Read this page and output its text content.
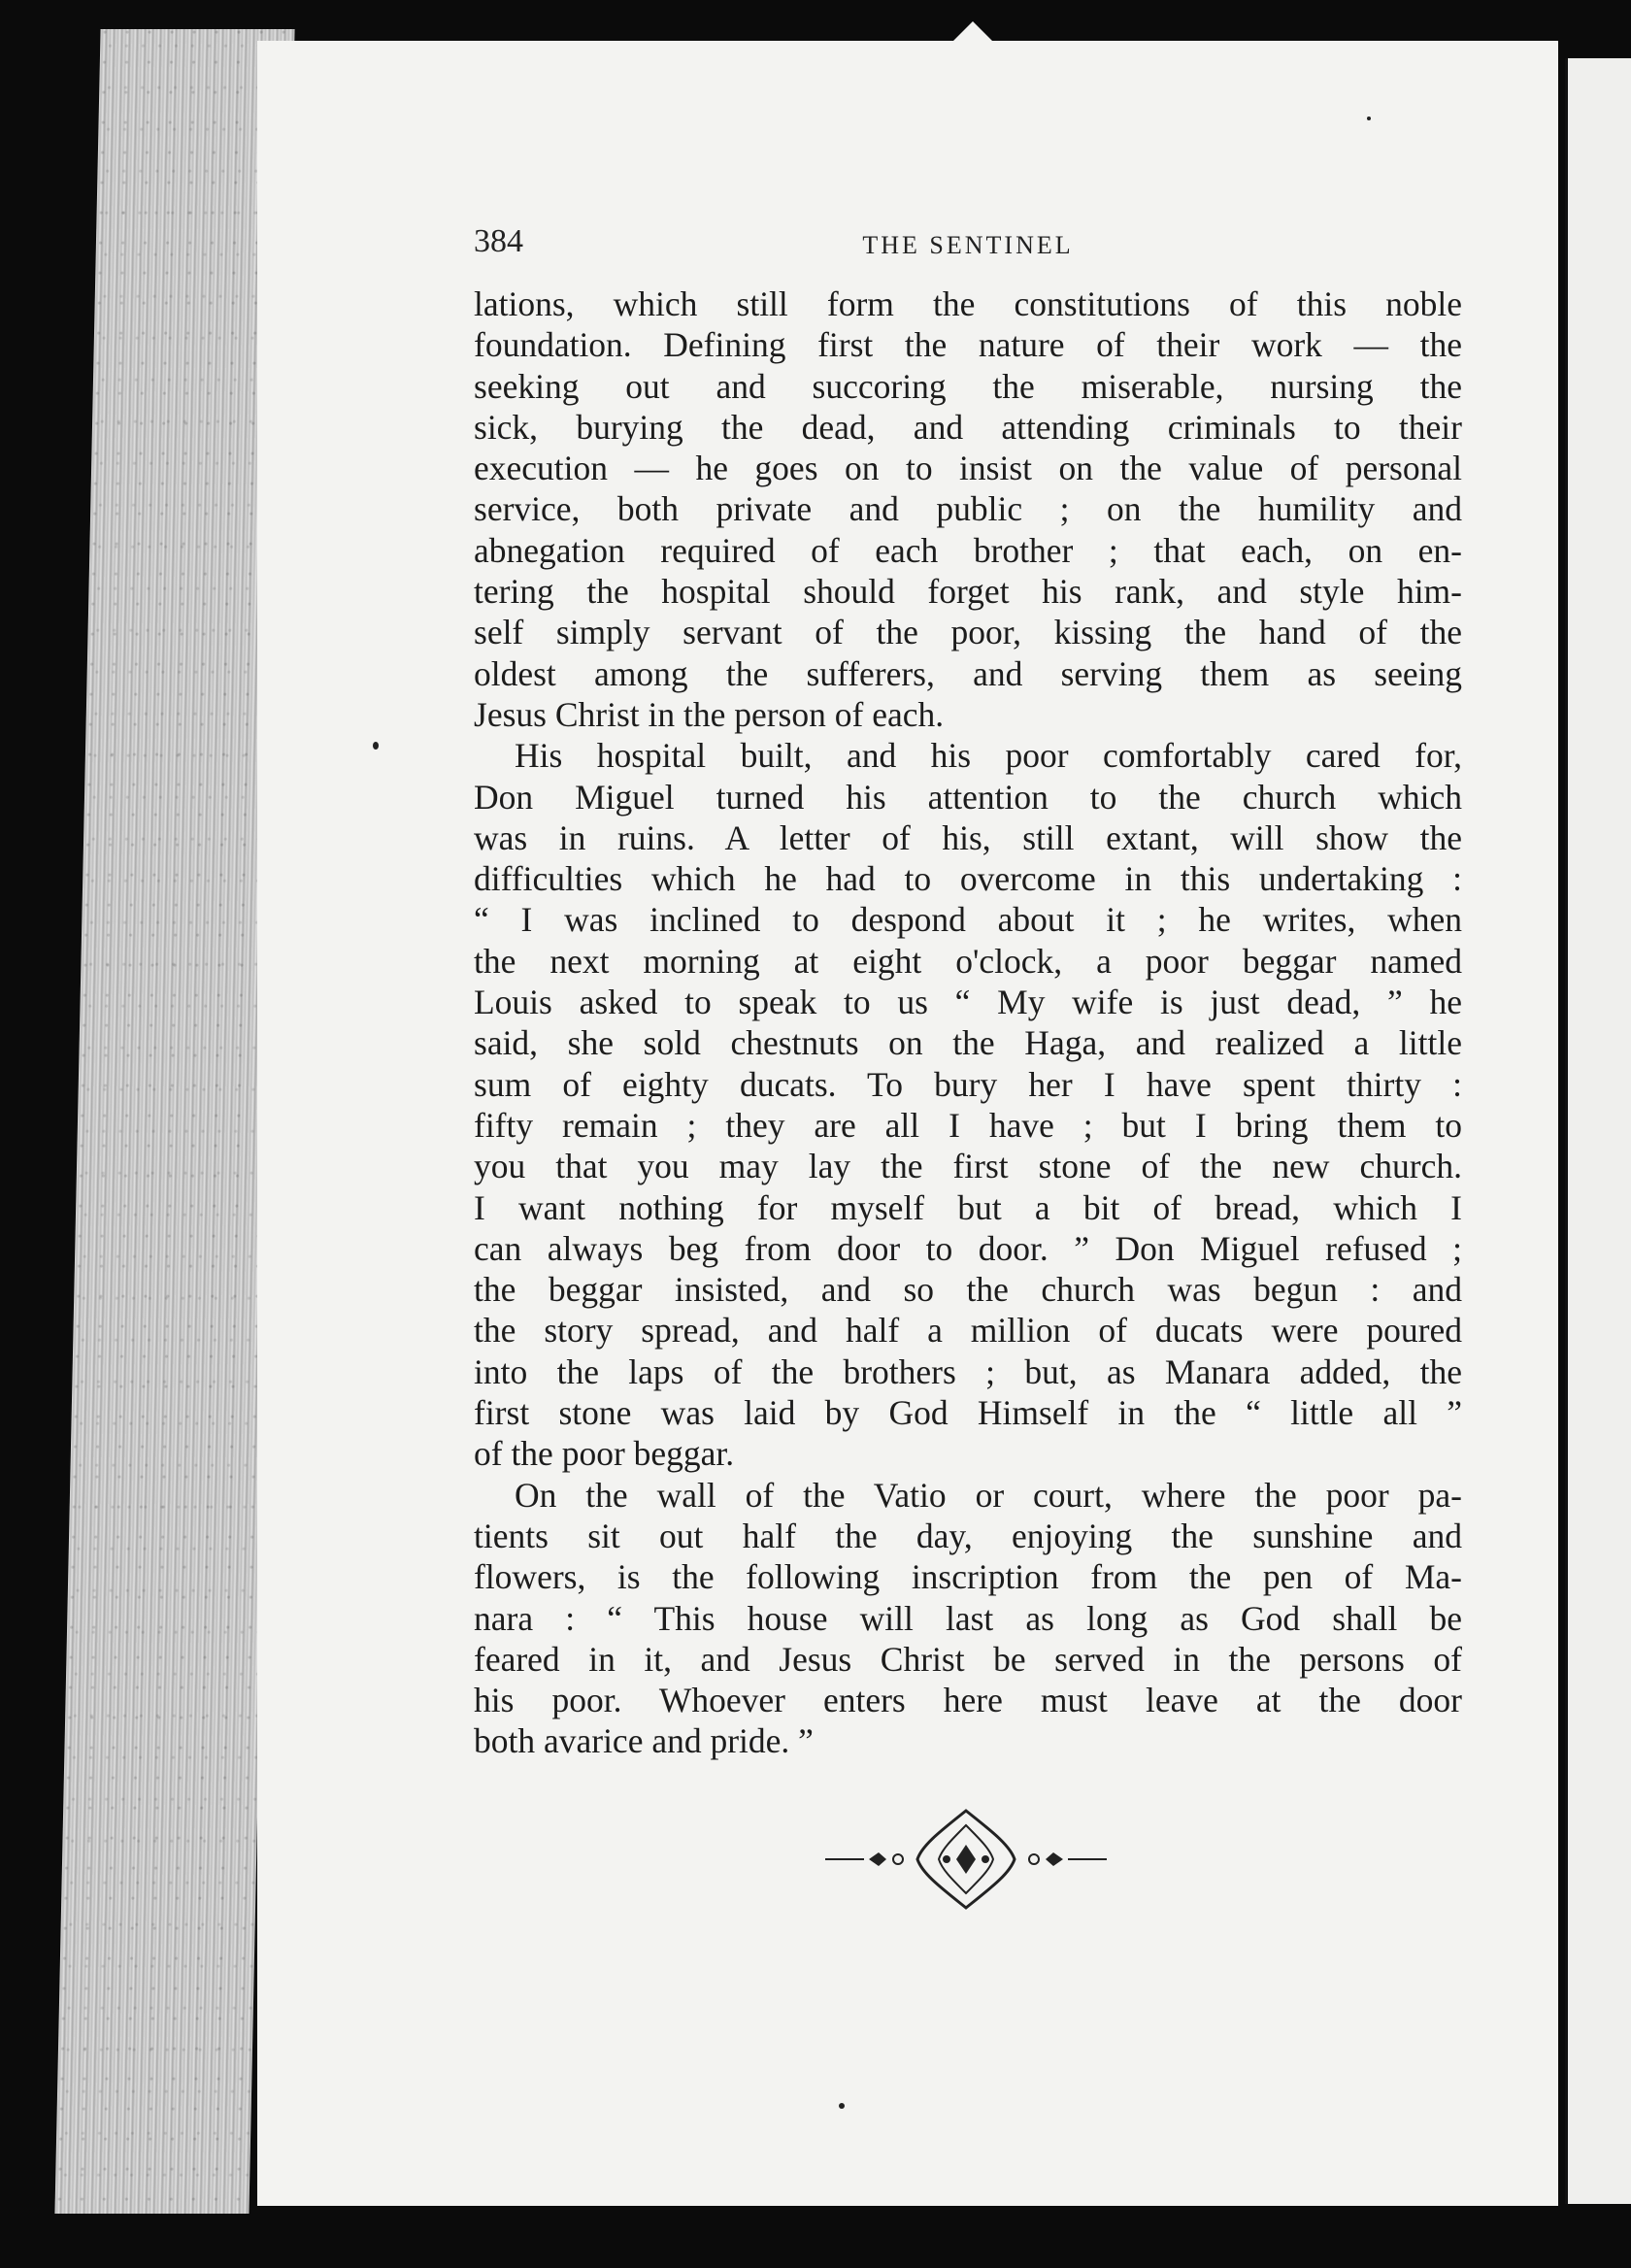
384	THE SENTINEL
lations, which still form the constitutions of this noble
foundation. Defining first the nature of their work — the
seeking out and succoring the miserable, nursing the
sick, burying the dead, and attending criminals to their
execution — he goes on to insist on the value of personal
service, both private and public ; on the humility and
abnegation required of each brother ; that each, on en-
tering the hospital should forget his rank, and style him-
self simply servant of the poor, kissing the hand of the
oldest among the sufferers, and serving them as seeing
Jesus Christ in the person of each.
His hospital built, and his poor comfortably cared for,
Don Miguel turned his attention to the church which
was in ruins. A letter of his, still extant, will show the
difficulties which he had to overcome in this undertaking :
“ I was inclined to despond about it ; he writes, when
the next morning at eight o'clock, a poor beggar named
Louis asked to speak to us “ My wife is just dead, ” he
said, she sold chestnuts on the Haga, and realized a little
sum of eighty ducats. To bury her I have spent thirty :
fifty remain ; they are all I have ; but I bring them to
you that you may lay the first stone of the new church.
I want nothing for myself but a bit of bread, which I
can always beg from door to door. ” Don Miguel refused ;
the beggar insisted, and so the church was begun : and
the story spread, and half a million of ducats were poured
into the laps of the brothers ; but, as Manara added, the
first stone was laid by God Himself in the “ little all ”
of the poor beggar.
On the wall of the Vatio or court, where the poor pa-
tients sit out half the day, enjoying the sunshine and
flowers, is the following inscription from the pen of Ma-
nara : “ This house will last as long as God shall be
feared in it, and Jesus Christ be served in the persons of
his poor. Whoever enters here must leave at the door
both avarice and pride. ”
